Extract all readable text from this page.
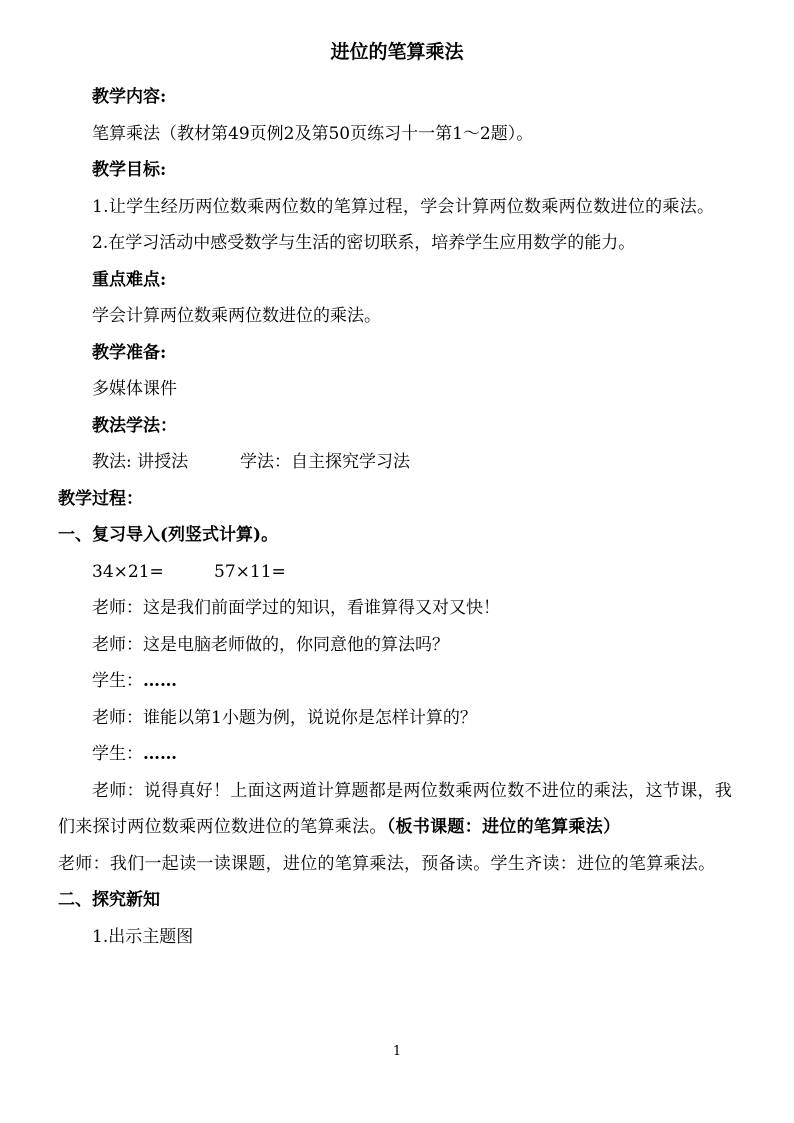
进位的笔算乘法

教学内容:

笔算乘法（教材第49页例2及第50页练习十一第1～2题）。

教学目标:

1.让学生经历两位数乘两位数的笔算过程，学会计算两位数乘两位数进位的乘法。

2.在学习活动中感受数学与生活的密切联系，培养学生应用数学的能力。

重点难点:

学会计算两位数乘两位数进位的乘法。

教学准备:

多媒体课件

教法学法：

教法: 讲授法	学法：自主探究学习法

教学过程：

一、复习导入(列竖式计算)。

34×21=	57×11=

老师：这是我们前面学过的知识，看谁算得又对又快！

老师：这是电脑老师做的，你同意他的算法吗？

学生：……

老师：谁能以第1小题为例，说说你是怎样计算的？

学生：……

老师：说得真好！上面这两道计算题都是两位数乘两位数不进位的乘法，这节课，我们来探讨两位数乘两位数进位的笔算乘法。（板书课题：进位的笔算乘法）

老师：我们一起读一读课题，进位的笔算乘法，预备读。学生齐读：进位的笔算乘法。

二、探究新知

1.出示主题图

1
